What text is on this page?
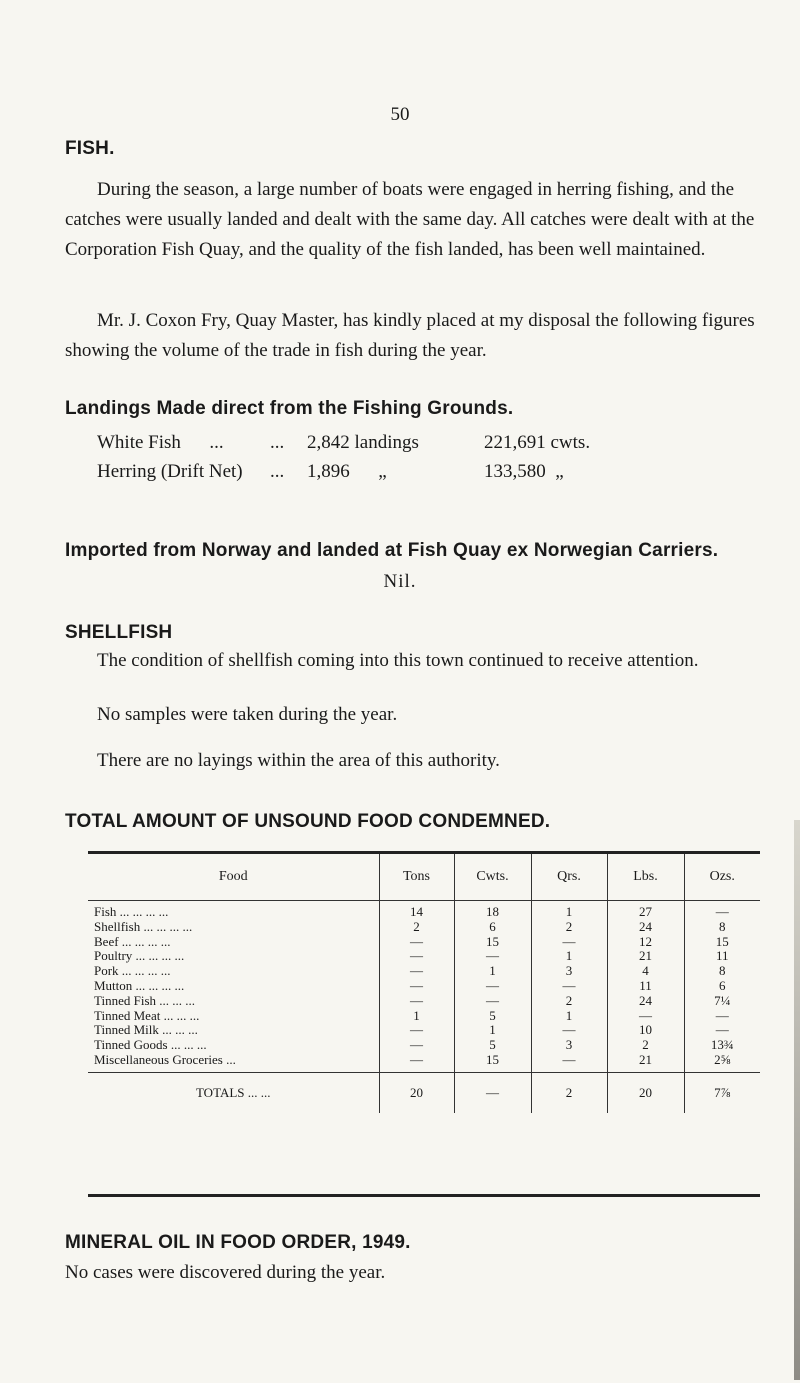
50
FISH.
During the season, a large number of boats were engaged in herring fishing, and the catches were usually landed and dealt with the same day. All catches were dealt with at the Corporation Fish Quay, and the quality of the fish landed, has been well maintained.
Mr. J. Coxon Fry, Quay Master, has kindly placed at my disposal the following figures showing the volume of the trade in fish during the year.
Landings Made direct from the Fishing Grounds.
White Fish      ... ... 2,842 landings	221,691 cwts.
Herring (Drift Net) ... 1,896      „	133,580  „
Imported from Norway and landed at Fish Quay ex Norwegian Carriers.
Nil.
SHELLFISH
The condition of shellfish coming into this town continued to receive attention.
No samples were taken during the year.
There are no layings within the area of this authority.
TOTAL AMOUNT OF UNSOUND FOOD CONDEMNED.
Food	Tons	Cwts.	Qrs.	Lbs.	Ozs.
Fish ... ... ... ...	14	18	1	27	—
Shellfish ... ... ... ...	2	6	2	24	8
Beef ... ... ... ...	—	15	—	12	15
Poultry ... ... ... ...	—	—	1	21	11
Pork ... ... ... ...	—	1	3	4	8
Mutton ... ... ... ...	—	—	—	11	6
Tinned Fish ... ... ...	—	—	2	24	7¼
Tinned Meat ... ... ...	1	5	1	—	—
Tinned Milk ... ... ...	—	1	—	10	—
Tinned Goods ... ... ...	—	5	3	2	13¾
Miscellaneous Groceries ...	—	15	—	21	2⅝
TOTALS ... ...	20	—	2	20	7⅞
MINERAL OIL IN FOOD ORDER, 1949.
No cases were discovered during the year.
